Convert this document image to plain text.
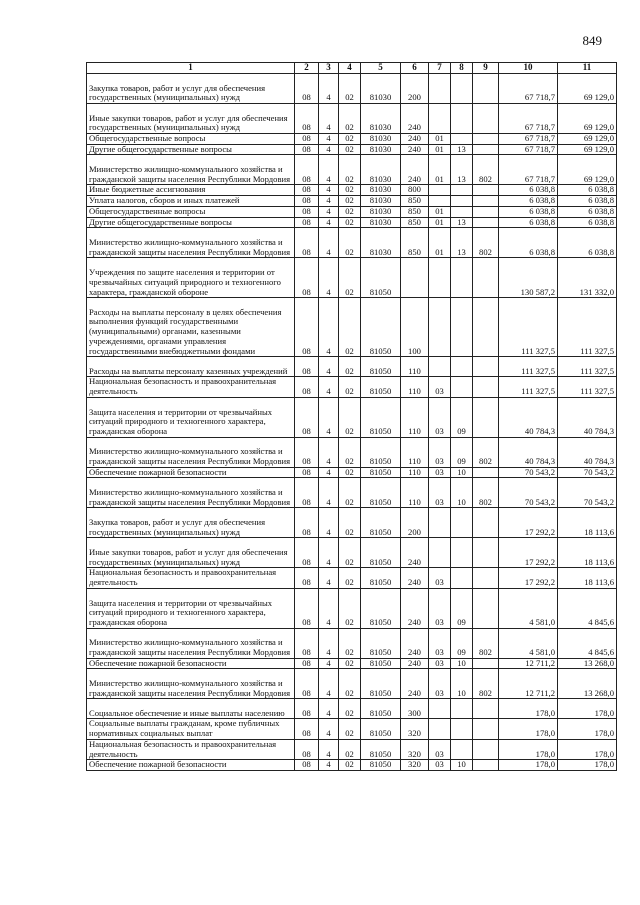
849
1	2	3	4	5	6	7	8	9	10	11
Закупка товаров, работ и услуг для обеспечения государственных (муниципальных) нужд	08	4	02	81030	200				67 718,7	69 129,0
Иные закупки товаров, работ и услуг для обеспечения государственных (муниципальных) нужд	08	4	02	81030	240				67 718,7	69 129,0
Общегосударственные вопросы	08	4	02	81030	240	01			67 718,7	69 129,0
Другие общегосударственные вопросы	08	4	02	81030	240	01	13		67 718,7	69 129,0
Министерство жилищно-коммунального хозяйства и гражданской защиты населения Республики Мордовия	08	4	02	81030	240	01	13	802	67 718,7	69 129,0
Иные бюджетные ассигнования	08	4	02	81030	800				6 038,8	6 038,8
Уплата налогов, сборов и иных платежей	08	4	02	81030	850				6 038,8	6 038,8
Общегосударственные вопросы	08	4	02	81030	850	01			6 038,8	6 038,8
Другие общегосударственные вопросы	08	4	02	81030	850	01	13		6 038,8	6 038,8
Министерство жилищно-коммунального хозяйства и гражданской защиты населения Республики Мордовия	08	4	02	81030	850	01	13	802	6 038,8	6 038,8
Учреждения по защите населения и территории от чрезвычайных ситуаций природного и техногенного характера, гражданской обороне	08	4	02	81050					130 587,2	131 332,0
Расходы на выплаты персоналу в целях обеспечения выполнения функций государственными (муниципальными) органами, казенными учреждениями, органами управления государственными внебюджетными фондами	08	4	02	81050	100				111 327,5	111 327,5
Расходы на выплаты персоналу казенных учреждений	08	4	02	81050	110				111 327,5	111 327,5
Национальная безопасность и правоохранительная деятельность	08	4	02	81050	110	03			111 327,5	111 327,5
Защита населения и территории от чрезвычайных ситуаций природного и техногенного характера, гражданская оборона	08	4	02	81050	110	03	09		40 784,3	40 784,3
Министерство жилищно-коммунального хозяйства и гражданской защиты населения Республики Мордовия	08	4	02	81050	110	03	09	802	40 784,3	40 784,3
Обеспечение пожарной безопасности	08	4	02	81050	110	03	10		70 543,2	70 543,2
Министерство жилищно-коммунального хозяйства и гражданской защиты населения Республики Мордовия	08	4	02	81050	110	03	10	802	70 543,2	70 543,2
Закупка товаров, работ и услуг для обеспечения государственных (муниципальных) нужд	08	4	02	81050	200				17 292,2	18 113,6
Иные закупки товаров, работ и услуг для обеспечения государственных (муниципальных) нужд	08	4	02	81050	240				17 292,2	18 113,6
Национальная безопасность и правоохранительная деятельность	08	4	02	81050	240	03			17 292,2	18 113,6
Защита населения и территории от чрезвычайных ситуаций природного и техногенного характера, гражданская оборона	08	4	02	81050	240	03	09		4 581,0	4 845,6
Министерство жилищно-коммунального хозяйства и гражданской защиты населения Республики Мордовия	08	4	02	81050	240	03	09	802	4 581,0	4 845,6
Обеспечение пожарной безопасности	08	4	02	81050	240	03	10		12 711,2	13 268,0
Министерство жилищно-коммунального хозяйства и гражданской защиты населения Республики Мордовия	08	4	02	81050	240	03	10	802	12 711,2	13 268,0
Социальное обеспечение и иные выплаты населению	08	4	02	81050	300				178,0	178,0
Социальные выплаты гражданам, кроме публичных нормативных социальных выплат	08	4	02	81050	320				178,0	178,0
Национальная безопасность и правоохранительная деятельность	08	4	02	81050	320	03			178,0	178,0
Обеспечение пожарной безопасности	08	4	02	81050	320	03	10		178,0	178,0
